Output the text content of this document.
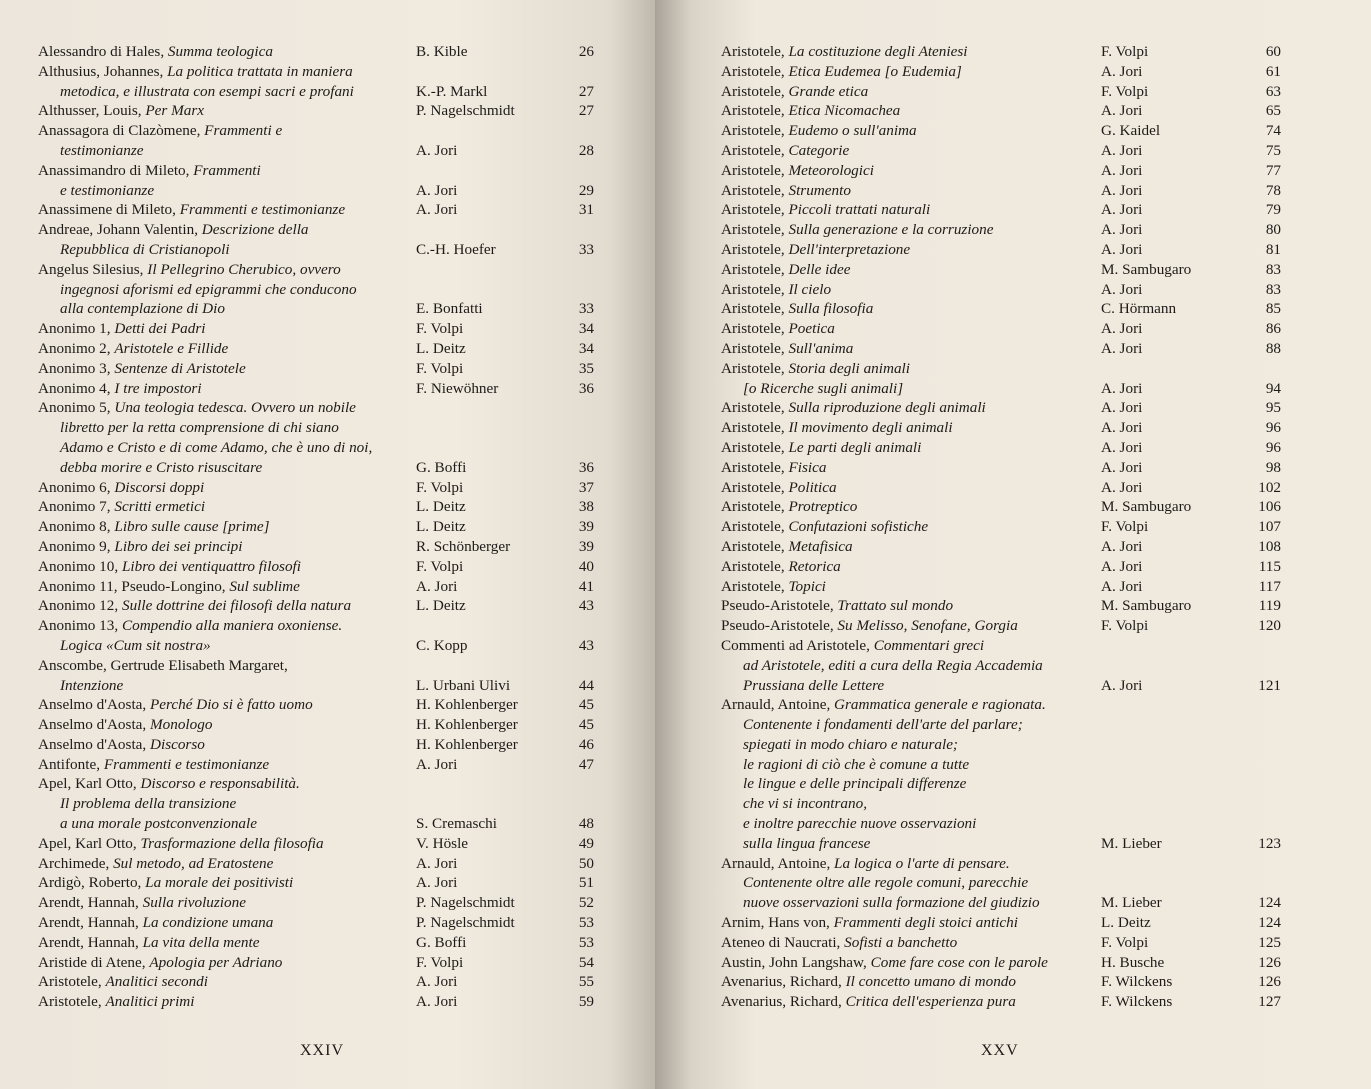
Alessandro di Hales, Summa teologica	B. Kible	26
Althusius, Johannes, La politica trattata in maniera
metodica, e illustrata con esempi sacri e profani	K.-P. Markl	27
Althusser, Louis, Per Marx	P. Nagelschmidt	27
Anassagora di Clazòmene, Frammenti e
testimonianze	A. Jori	28
Anassimandro di Mileto, Frammenti
e testimonianze	A. Jori	29
Anassimene di Mileto, Frammenti e testimonianze	A. Jori	31
Andreae, Johann Valentin, Descrizione della
Repubblica di Cristianopoli	C.-H. Hoefer	33
Angelus Silesius, Il Pellegrino Cherubico, ovvero
ingegnosi aforismi ed epigrammi che conducono
alla contemplazione di Dio	E. Bonfatti	33
Anonimo 1, Detti dei Padri	F. Volpi	34
Anonimo 2, Aristotele e Fillide	L. Deitz	34
Anonimo 3, Sentenze di Aristotele	F. Volpi	35
Anonimo 4, I tre impostori	F. Niewöhner	36
Anonimo 5, Una teologia tedesca. Ovvero un nobile
libretto per la retta comprensione di chi siano
Adamo e Cristo e di come Adamo, che è uno di noi,
debba morire e Cristo risuscitare	G. Boffi	36
Anonimo 6, Discorsi doppi	F. Volpi	37
Anonimo 7, Scritti ermetici	L. Deitz	38
Anonimo 8, Libro sulle cause [prime]	L. Deitz	39
Anonimo 9, Libro dei sei principi	R. Schönberger	39
Anonimo 10, Libro dei ventiquattro filosofi	F. Volpi	40
Anonimo 11, Pseudo-Longino, Sul sublime	A. Jori	41
Anonimo 12, Sulle dottrine dei filosofi della natura	L. Deitz	43
Anonimo 13, Compendio alla maniera oxoniense.
Logica «Cum sit nostra»	C. Kopp	43
Anscombe, Gertrude Elisabeth Margaret,
Intenzione	L. Urbani Ulivi	44
Anselmo d'Aosta, Perché Dio si è fatto uomo	H. Kohlenberger	45
Anselmo d'Aosta, Monologo	H. Kohlenberger	45
Anselmo d'Aosta, Discorso	H. Kohlenberger	46
Antifonte, Frammenti e testimonianze	A. Jori	47
Apel, Karl Otto, Discorso e responsabilità.
Il problema della transizione
a una morale postconvenzionale	S. Cremaschi	48
Apel, Karl Otto, Trasformazione della filosofia	V. Hösle	49
Archimede, Sul metodo, ad Eratostene	A. Jori	50
Ardigò, Roberto, La morale dei positivisti	A. Jori	51
Arendt, Hannah, Sulla rivoluzione	P. Nagelschmidt	52
Arendt, Hannah, La condizione umana	P. Nagelschmidt	53
Arendt, Hannah, La vita della mente	G. Boffi	53
Aristide di Atene, Apologia per Adriano	F. Volpi	54
Aristotele, Analitici secondi	A. Jori	55
Aristotele, Analitici primi	A. Jori	59
XXIV
Aristotele, La costituzione degli Ateniesi	F. Volpi	60
Aristotele, Etica Eudemea [o Eudemia]	A. Jori	61
Aristotele, Grande etica	F. Volpi	63
Aristotele, Etica Nicomachea	A. Jori	65
Aristotele, Eudemo o sull'anima	G. Kaidel	74
Aristotele, Categorie	A. Jori	75
Aristotele, Meteorologici	A. Jori	77
Aristotele, Strumento	A. Jori	78
Aristotele, Piccoli trattati naturali	A. Jori	79
Aristotele, Sulla generazione e la corruzione	A. Jori	80
Aristotele, Dell'interpretazione	A. Jori	81
Aristotele, Delle idee	M. Sambugaro	83
Aristotele, Il cielo	A. Jori	83
Aristotele, Sulla filosofia	C. Hörmann	85
Aristotele, Poetica	A. Jori	86
Aristotele, Sull'anima	A. Jori	88
Aristotele, Storia degli animali
[o Ricerche sugli animali]	A. Jori	94
Aristotele, Sulla riproduzione degli animali	A. Jori	95
Aristotele, Il movimento degli animali	A. Jori	96
Aristotele, Le parti degli animali	A. Jori	96
Aristotele, Fisica	A. Jori	98
Aristotele, Politica	A. Jori	102
Aristotele, Protreptico	M. Sambugaro	106
Aristotele, Confutazioni sofistiche	F. Volpi	107
Aristotele, Metafisica	A. Jori	108
Aristotele, Retorica	A. Jori	115
Aristotele, Topici	A. Jori	117
Pseudo-Aristotele, Trattato sul mondo	M. Sambugaro	119
Pseudo-Aristotele, Su Melisso, Senofane, Gorgia	F. Volpi	120
Commenti ad Aristotele, Commentari greci
ad Aristotele, editi a cura della Regia Accademia
Prussiana delle Lettere	A. Jori	121
Arnauld, Antoine, Grammatica generale e ragionata.
Contenente i fondamenti dell'arte del parlare;
spiegati in modo chiaro e naturale;
le ragioni di ciò che è comune a tutte
le lingue e delle principali differenze
che vi si incontrano,
e inoltre parecchie nuove osservazioni
sulla lingua francese	M. Lieber	123
Arnauld, Antoine, La logica o l'arte di pensare.
Contenente oltre alle regole comuni, parecchie
nuove osservazioni sulla formazione del giudizio	M. Lieber	124
Arnim, Hans von, Frammenti degli stoici antichi	L. Deitz	124
Ateneo di Naucrati, Sofisti a banchetto	F. Volpi	125
Austin, John Langshaw, Come fare cose con le parole	H. Busche	126
Avenarius, Richard, Il concetto umano di mondo	F. Wilckens	126
Avenarius, Richard, Critica dell'esperienza pura	F. Wilckens	127
XXV
